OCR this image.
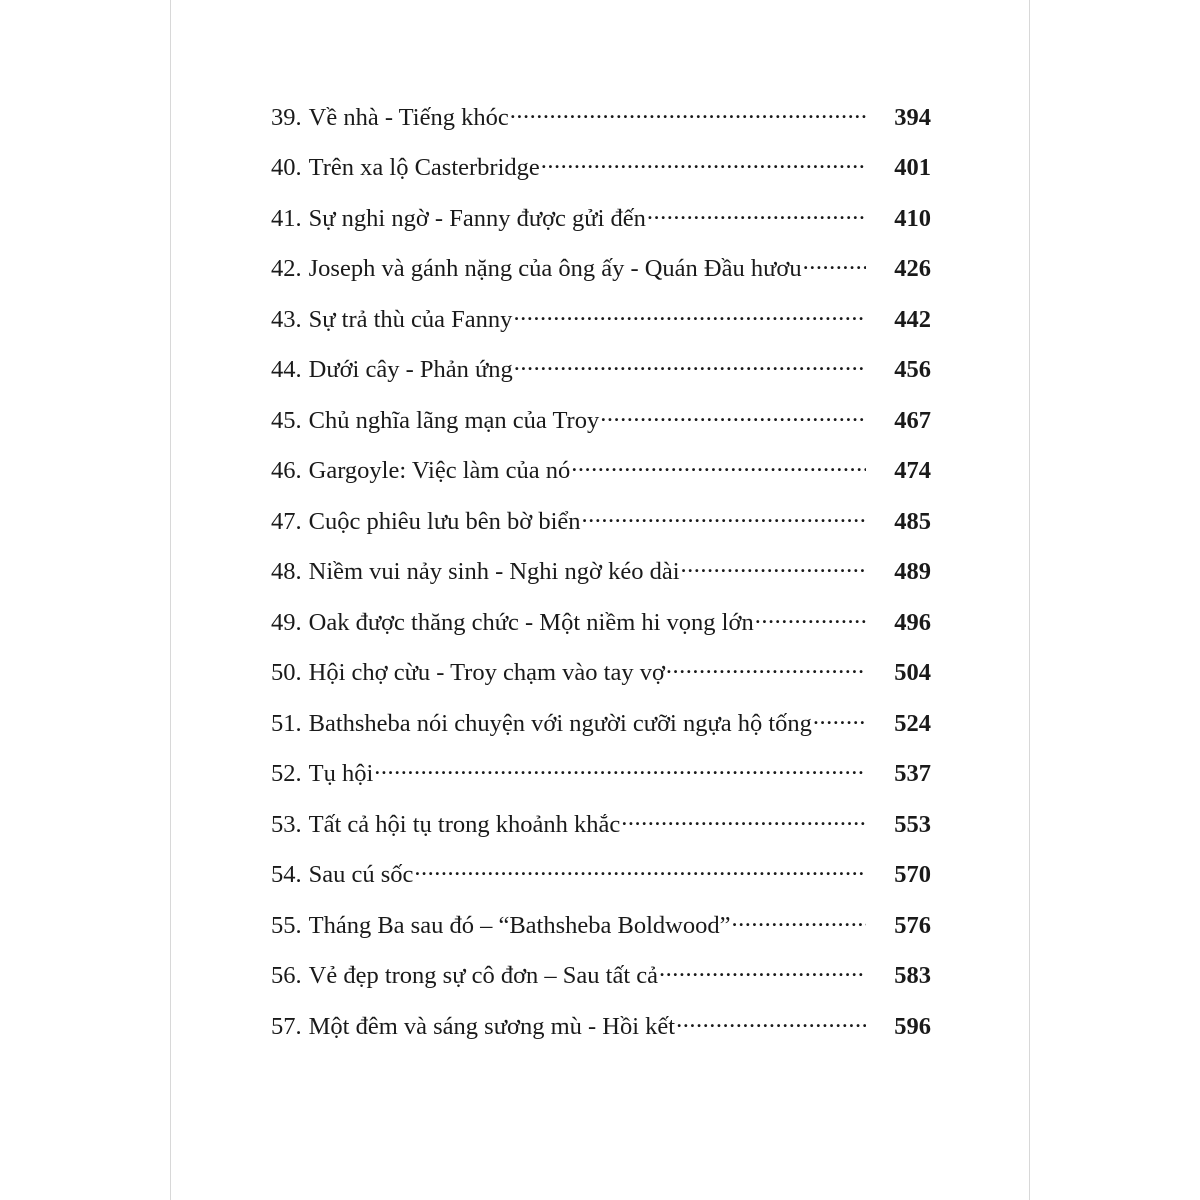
39. Về nhà - Tiếng khóc .....	394
40. Trên xa lộ Casterbridge .....	401
41. Sự nghi ngờ - Fanny được gửi đến .....	410
42. Joseph và gánh nặng của ông ấy - Quán Đầu hươu .....	426
43. Sự trả thù của Fanny .....	442
44. Dưới cây - Phản ứng .....	456
45. Chủ nghĩa lãng mạn của Troy .....	467
46. Gargoyle: Việc làm của nó .....	474
47. Cuộc phiêu lưu bên bờ biển .....	485
48. Niềm vui nảy sinh - Nghi ngờ kéo dài .....	489
49. Oak được thăng chức - Một niềm hi vọng lớn .....	496
50. Hội chợ cừu - Troy chạm vào tay vợ .....	504
51. Bathsheba nói chuyện với người cưỡi ngựa hộ tống .....	524
52. Tụ hội .....	537
53. Tất cả hội tụ trong khoảnh khắc .....	553
54. Sau cú sốc .....	570
55. Tháng Ba sau đó – “Bathsheba Boldwood” .....	576
56. Vẻ đẹp trong sự cô đơn – Sau tất cả .....	583
57. Một đêm và sáng sương mù - Hồi kết .....	596
